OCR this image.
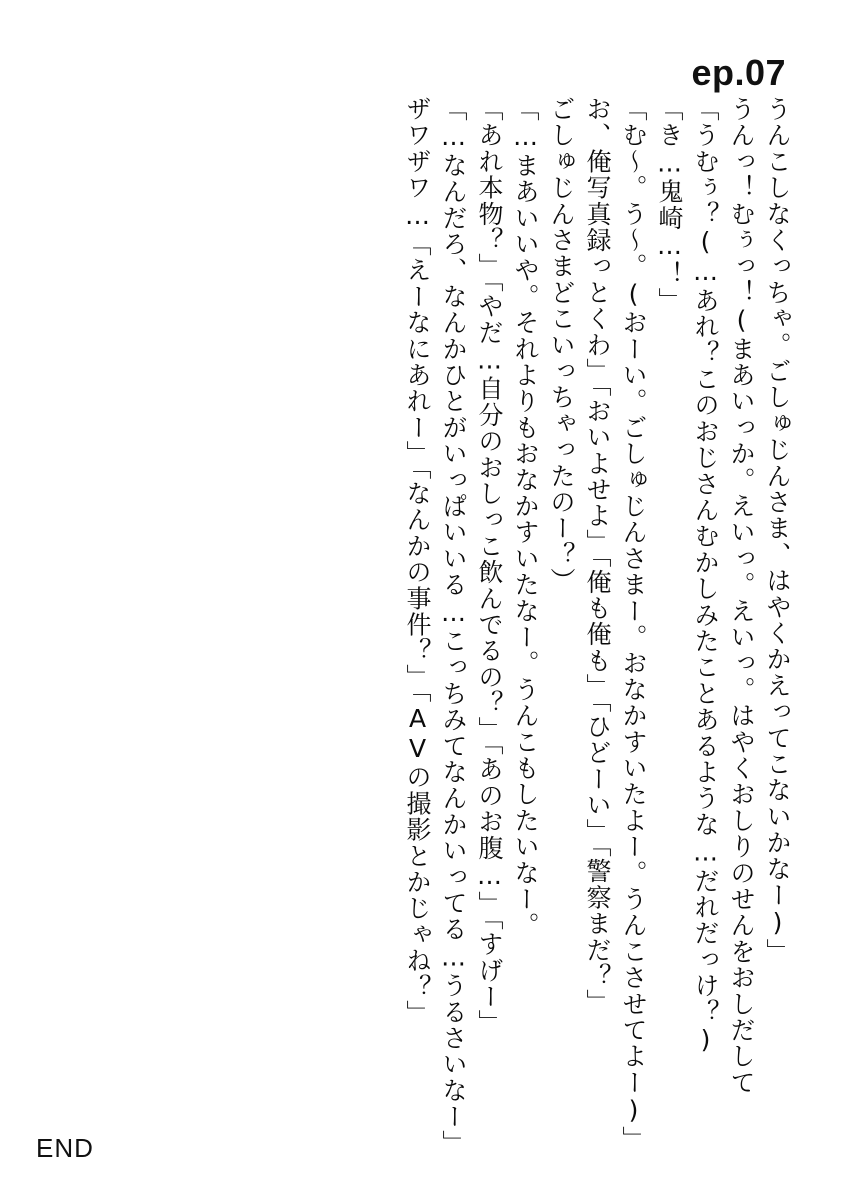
ep.07
ザワザワ…「えーなにあれー」「なんかの事件？」「AVの撮影とかじゃね？」 「…なんだろ、なんかひとがいっぱいいる…こっちみてなんかいってる…うるさいなー」 「あれ本物？」「やだ…自分のおしっこ飲んでるの？」「あのお腹…」「すげー」 「…まあいいや。それよりもおなかすいたなー。うんこもしたいなー。 ごしゅじんさまどこいっちゃったのー？） お、俺写真録っとくわ」「おいよせよ」「俺も俺も」「ひどーい」「警察まだ？」 「む〜。う〜。(おーい。ごしゅじんさまー。おなかすいたよー。うんこさせてよー)」 「き…鬼崎…！」 「うむぅ？(…あれ？このおじさんむかしみたことあるような…だれだっけ？) うんっ！むぅっ！(まあいっか。えいっ。えいっ。はやくおしりのせんをおしだして うんこしなくっちゃ。ごしゅじんさま、はやくかえってこないかなー)」
END
